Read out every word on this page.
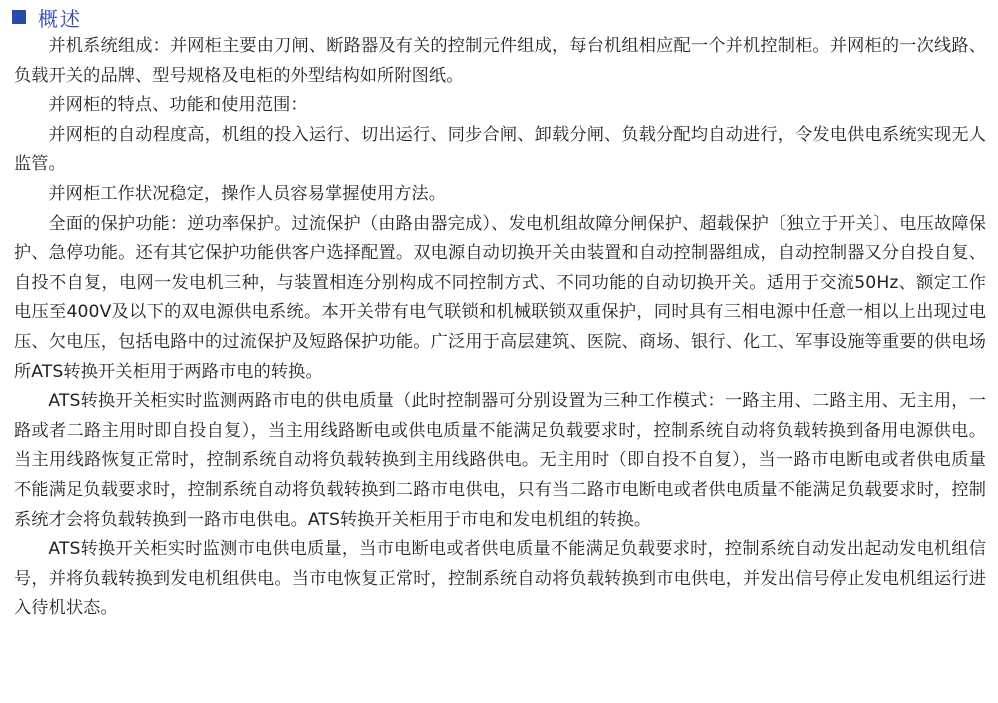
概述

并机系统组成：并网柜主要由刀闸、断路器及有关的控制元件组成，每台机组相应配一个并机控制柜。并网柜的一次线路、负载开关的品牌、型号规格及电柜的外型结构如所附图纸。

并网柜的特点、功能和使用范围：

并网柜的自动程度高，机组的投入运行、切出运行、同步合闸、卸载分闸、负载分配均自动进行，令发电供电系统实现无人监管。

并网柜工作状况稳定，操作人员容易掌握使用方法。

全面的保护功能：逆功率保护。过流保护（由路由器完成）、发电机组故障分闸保护、超载保护〔独立于开关〕、电压故障保护、急停功能。还有其它保护功能供客户选择配置。双电源自动切换开关由装置和自动控制器组成，自动控制器又分自投自复、自投不自复，电网一发电机三种，与装置相连分别构成不同控制方式、不同功能的自动切换开关。适用于交流50Hz、额定工作电压至400V及以下的双电源供电系统。本开关带有电气联锁和机械联锁双重保护，同时具有三相电源中任意一相以上出现过电压、欠电压，包括电路中的过流保护及短路保护功能。广泛用于高层建筑、医院、商场、银行、化工、军事设施等重要的供电场所ATS转换开关柜用于两路市电的转换。

ATS转换开关柜实时监测两路市电的供电质量（此时控制器可分别设置为三种工作模式：一路主用、二路主用、无主用，一路或者二路主用时即自投自复），当主用线路断电或供电质量不能满足负载要求时，控制系统自动将负载转换到备用电源供电。当主用线路恢复正常时，控制系统自动将负载转换到主用线路供电。无主用时（即自投不自复），当一路市电断电或者供电质量不能满足负载要求时，控制系统自动将负载转换到二路市电供电，只有当二路市电断电或者供电质量不能满足负载要求时，控制系统才会将负载转换到一路市电供电。ATS转换开关柜用于市电和发电机组的转换。

ATS转换开关柜实时监测市电供电质量，当市电断电或者供电质量不能满足负载要求时，控制系统自动发出起动发电机组信号，并将负载转换到发电机组供电。当市电恢复正常时，控制系统自动将负载转换到市电供电，并发出信号停止发电机组运行进入待机状态。
